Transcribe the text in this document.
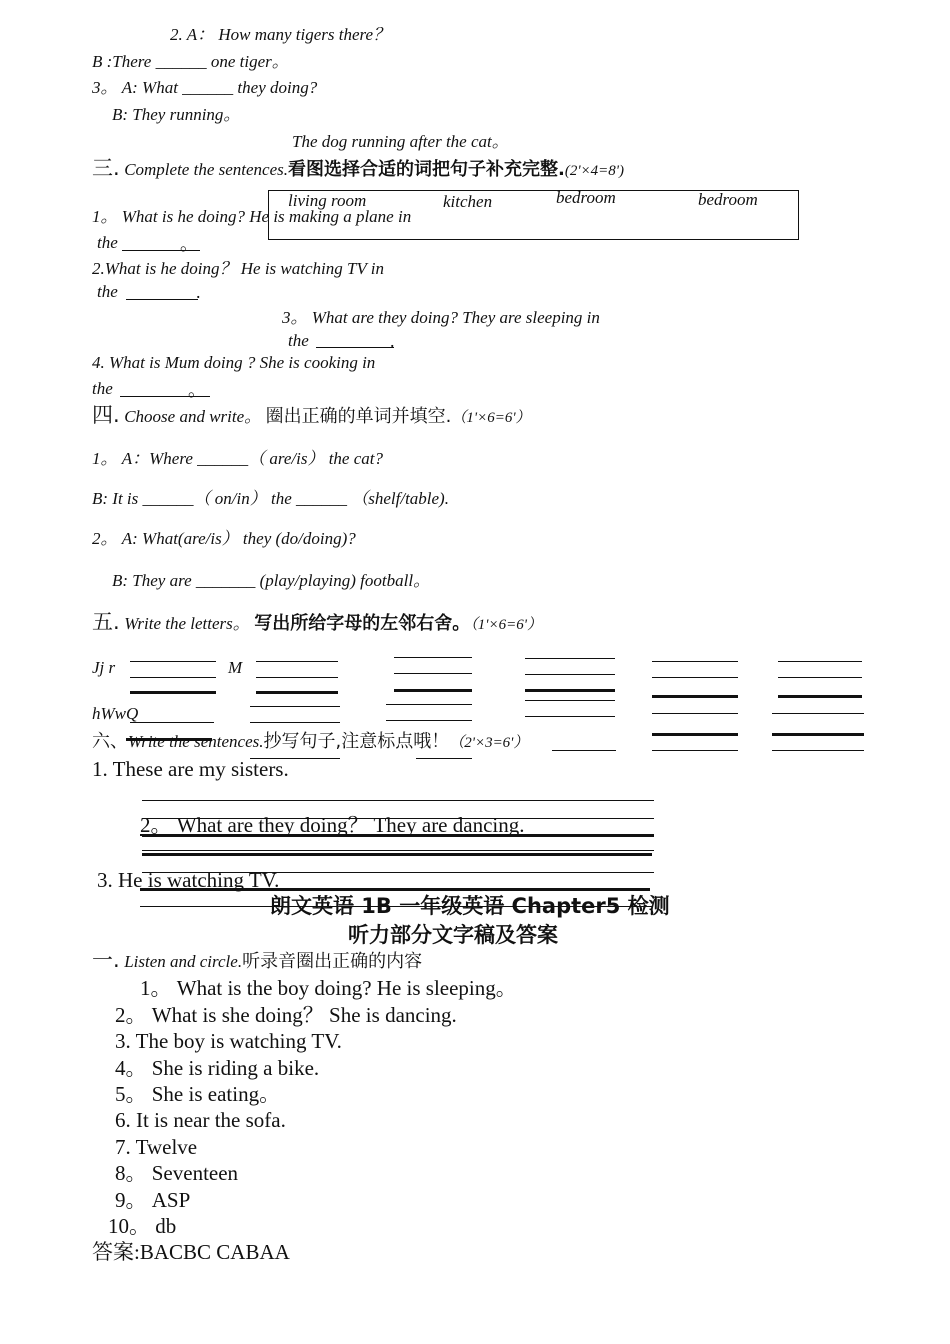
2. A： How many tigers there？
B :There ______ one tiger。
3。 A: What ______ they doing?
B: They running。
The dog running after the cat。
三. Complete the sentences.看图选择合适的词把句子补充完整.(2'×4=8')
living room	kitchen	bedroom	bedroom
1。 What is he doing? He is making a plane in
the	。
2.What is he doing？ He is watching TV in
the	.
3。 What are they doing? They are sleeping in
the	.
4. What is Mum doing ? She is cooking in
the	。
四. Choose and write。 圈出正确的单词并填空.（1'×6=6'）
1。 A：Where ______（ are/is） the cat?
B: It is ______（ on/in） the ______ （shelf/table).
2。 A: What(are/is） they (do/doing)?
B: They are _______ (play/playing) football。
五. Write the letters。 写出所给字母的左邻右舍。（1'×6=6'）
Jj r	M
hWwQ
六、Write the sentences.抄写句子,注意标点哦！（2'×3=6'）
1. These are my sisters.
2。 What are they doing？ They are dancing.
3. He is watching TV.
朗文英语 1B 一年级英语 Chapter5 检测
听力部分文字稿及答案
一. Listen and circle.听录音圈出正确的内容
1。 What is the boy doing? He is sleeping。
2。 What is she doing？ She is dancing.
3. The boy is watching TV.
4。 She is riding a bike.
5。 She is eating。
6. It is near the sofa.
7. Twelve
8。 Seventeen
9。 ASP
10。 db
答案:BACBC CABAA
